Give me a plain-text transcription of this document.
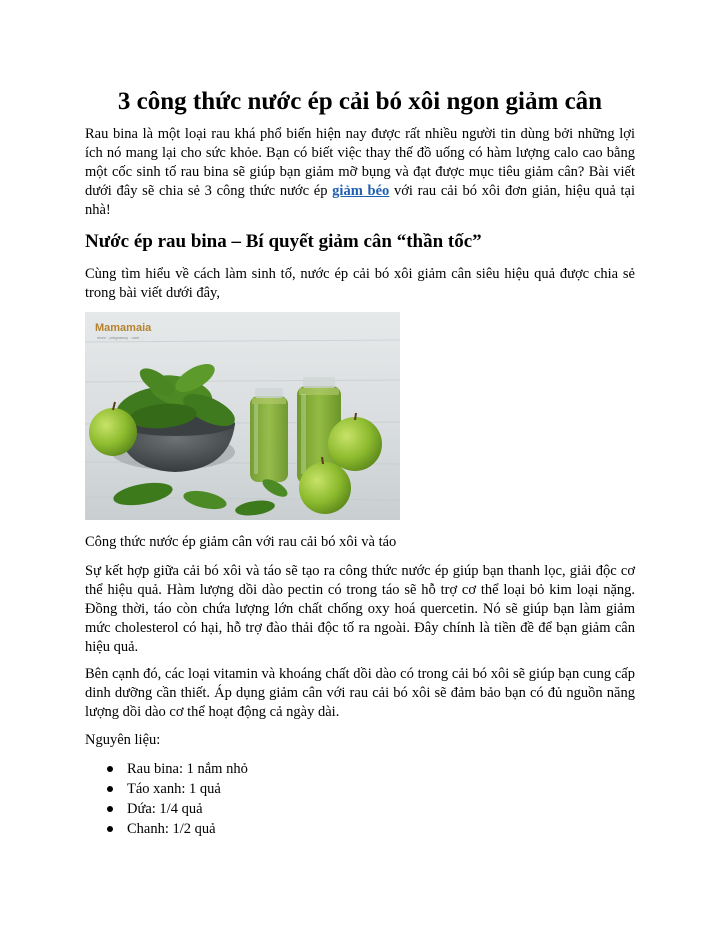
3 công thức nước ép cải bó xôi ngon giảm cân

Rau bina là một loại rau khá phổ biến hiện nay được rất nhiều người tin dùng bởi những lợi ích nó mang lại cho sức khỏe. Bạn có biết việc thay thế đồ uống có hàm lượng calo cao bằng một cốc sinh tố rau bina sẽ giúp bạn giảm mỡ bụng và đạt được mục tiêu giảm cân? Bài viết dưới đây sẽ chia sẻ 3 công thức nước ép giảm béo với rau cải bó xôi đơn giản, hiệu quả tại nhà!

Nước ép rau bina – Bí quyết giảm cân “thần tốc”

Cùng tìm hiểu về cách làm sinh tố, nước ép cải bó xôi giảm cân siêu hiệu quả được chia sẻ trong bài viết dưới đây,

Mamamaia
mom · pregnancy · care

Công thức nước ép giảm cân với rau cải bó xôi và táo

Sự kết hợp giữa cải bó xôi và táo sẽ tạo ra công thức nước ép giúp bạn thanh lọc, giải độc cơ thể hiệu quả. Hàm lượng dồi dào pectin có trong táo sẽ hỗ trợ cơ thể loại bỏ kim loại nặng. Đồng thời, táo còn chứa lượng lớn chất chống oxy hoá quercetin. Nó sẽ giúp bạn làm giảm mức cholesterol có hại, hỗ trợ đào thải độc tố ra ngoài. Đây chính là tiền đề để bạn giảm cân hiệu quả.

Bên cạnh đó, các loại vitamin và khoáng chất dồi dào có trong cải bó xôi sẽ giúp bạn cung cấp dinh dưỡng cần thiết. Áp dụng giảm cân với rau cải bó xôi sẽ đảm bảo bạn có đủ nguồn năng lượng dồi dào cơ thể hoạt động cả ngày dài.

Nguyên liệu:

Rau bina: 1 nắm nhỏ
Táo xanh: 1 quả
Dứa: 1/4 quả
Chanh: 1/2 quả
